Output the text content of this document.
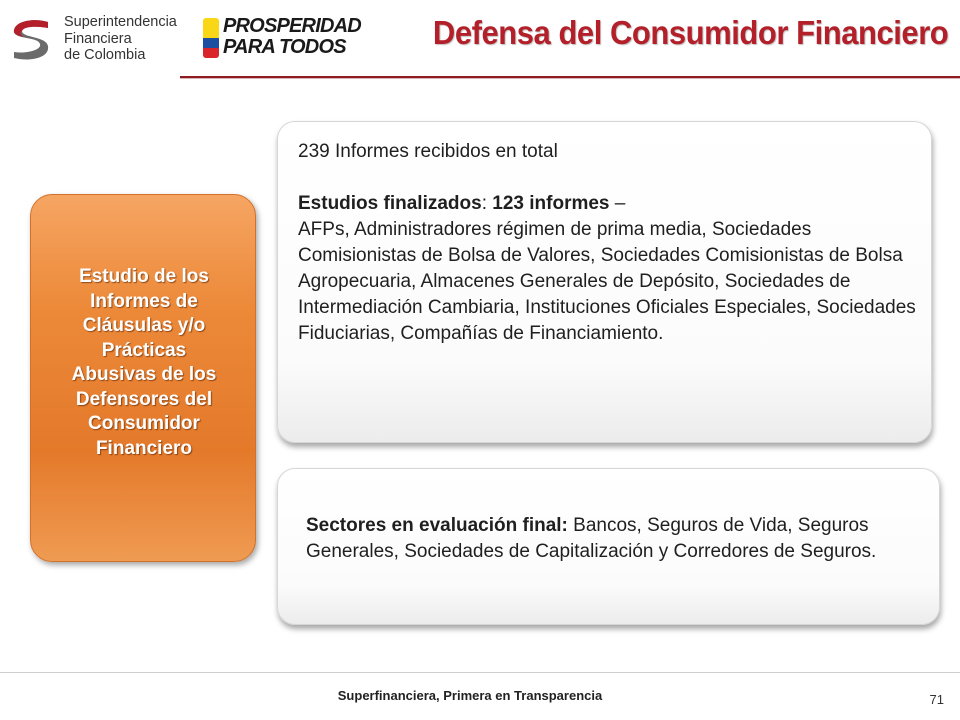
Superintendencia
Financiera
de Colombia
PROSPERIDAD
PARA TODOS	Defensa del Consumidor Financiero
Estudio de los
Informes de
Cláusulas y/o
Prácticas
Abusivas de los
Defensores del
Consumidor
Financiero
239 Informes recibidos en total
Estudios finalizados: 123 informes –
AFPs, Administradores régimen de prima media, Sociedades Comisionistas de Bolsa de Valores, Sociedades Comisionistas de Bolsa Agropecuaria, Almacenes Generales de Depósito, Sociedades de Intermediación Cambiaria, Instituciones Oficiales Especiales, Sociedades Fiduciarias, Compañías de Financiamiento.
Sectores en evaluación final: Bancos, Seguros de Vida, Seguros Generales, Sociedades de Capitalización y Corredores de Seguros.
Superfinanciera, Primera en Transparencia	71
